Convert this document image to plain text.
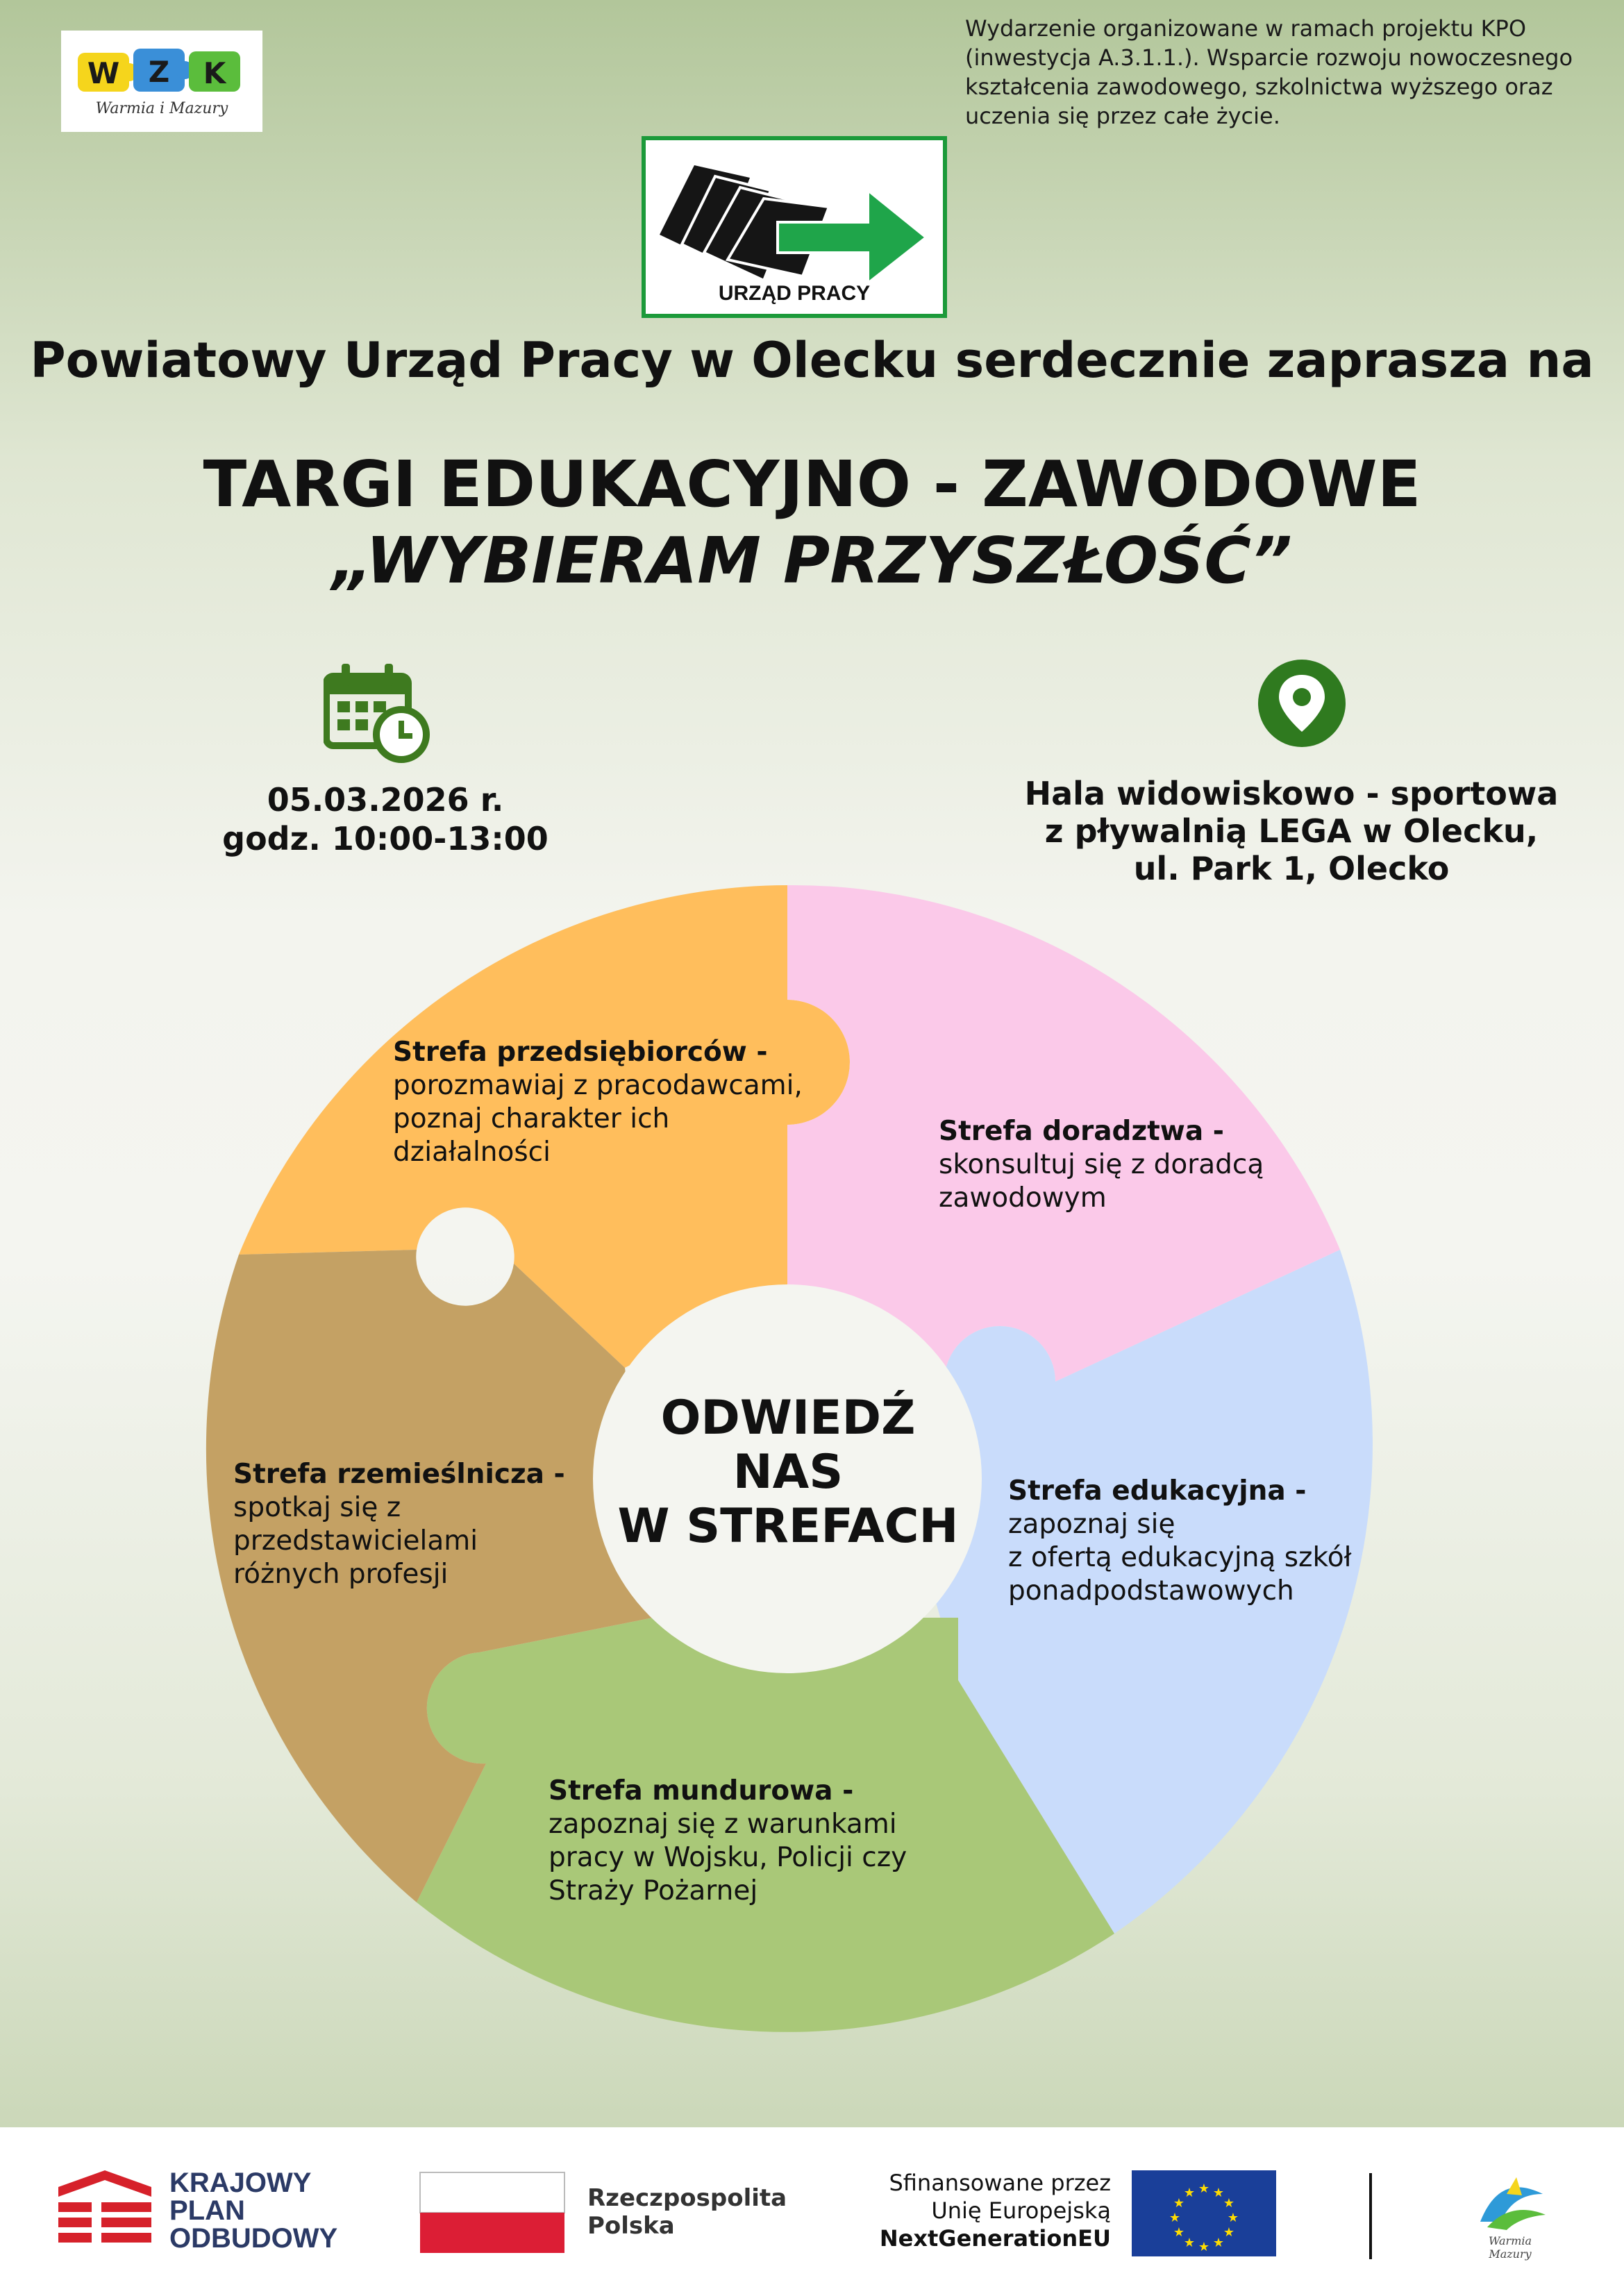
W Z K
Warmia i Mazury
Wydarzenie organizowane w ramach projektu KPO (inwestycja A.3.1.1.). Wsparcie rozwoju nowoczesnego kształcenia zawodowego, szkolnictwa wyższego oraz uczenia się przez całe życie.
URZĄD PRACY
Powiatowy Urząd Pracy w Olecku serdecznie zaprasza na
TARGI EDUKACYJNO - ZAWODOWE
„WYBIERAM PRZYSZŁOŚĆ”
05.03.2026 r.
godz. 10:00-13:00
Hala widowiskowo - sportowa
z pływalnią LEGA w Olecku,
ul. Park 1, Olecko
ODWIEDŹ
NAS
W STREFACH
Strefa przedsiębiorców -
porozmawiaj z pracodawcami,
poznaj charakter ich
działalności
Strefa doradztwa -
skonsultuj się z doradcą
zawodowym
Strefa edukacyjna -
zapoznaj się
z ofertą edukacyjną szkół
ponadpodstawowych
Strefa mundurowa -
zapoznaj się z warunkami
pracy w Wojsku, Policji czy
Straży Pożarnej
Strefa rzemieślnicza -
spotkaj się z
przedstawicielami
różnych profesji
KRAJOWY
PLAN
ODBUDOWY
Rzeczpospolita
Polska
Sfinansowane przez
Unię Europejską
NextGenerationEU
★ ★
★
★
★
★
★
★
★
★
★
★
Warmia Mazury
